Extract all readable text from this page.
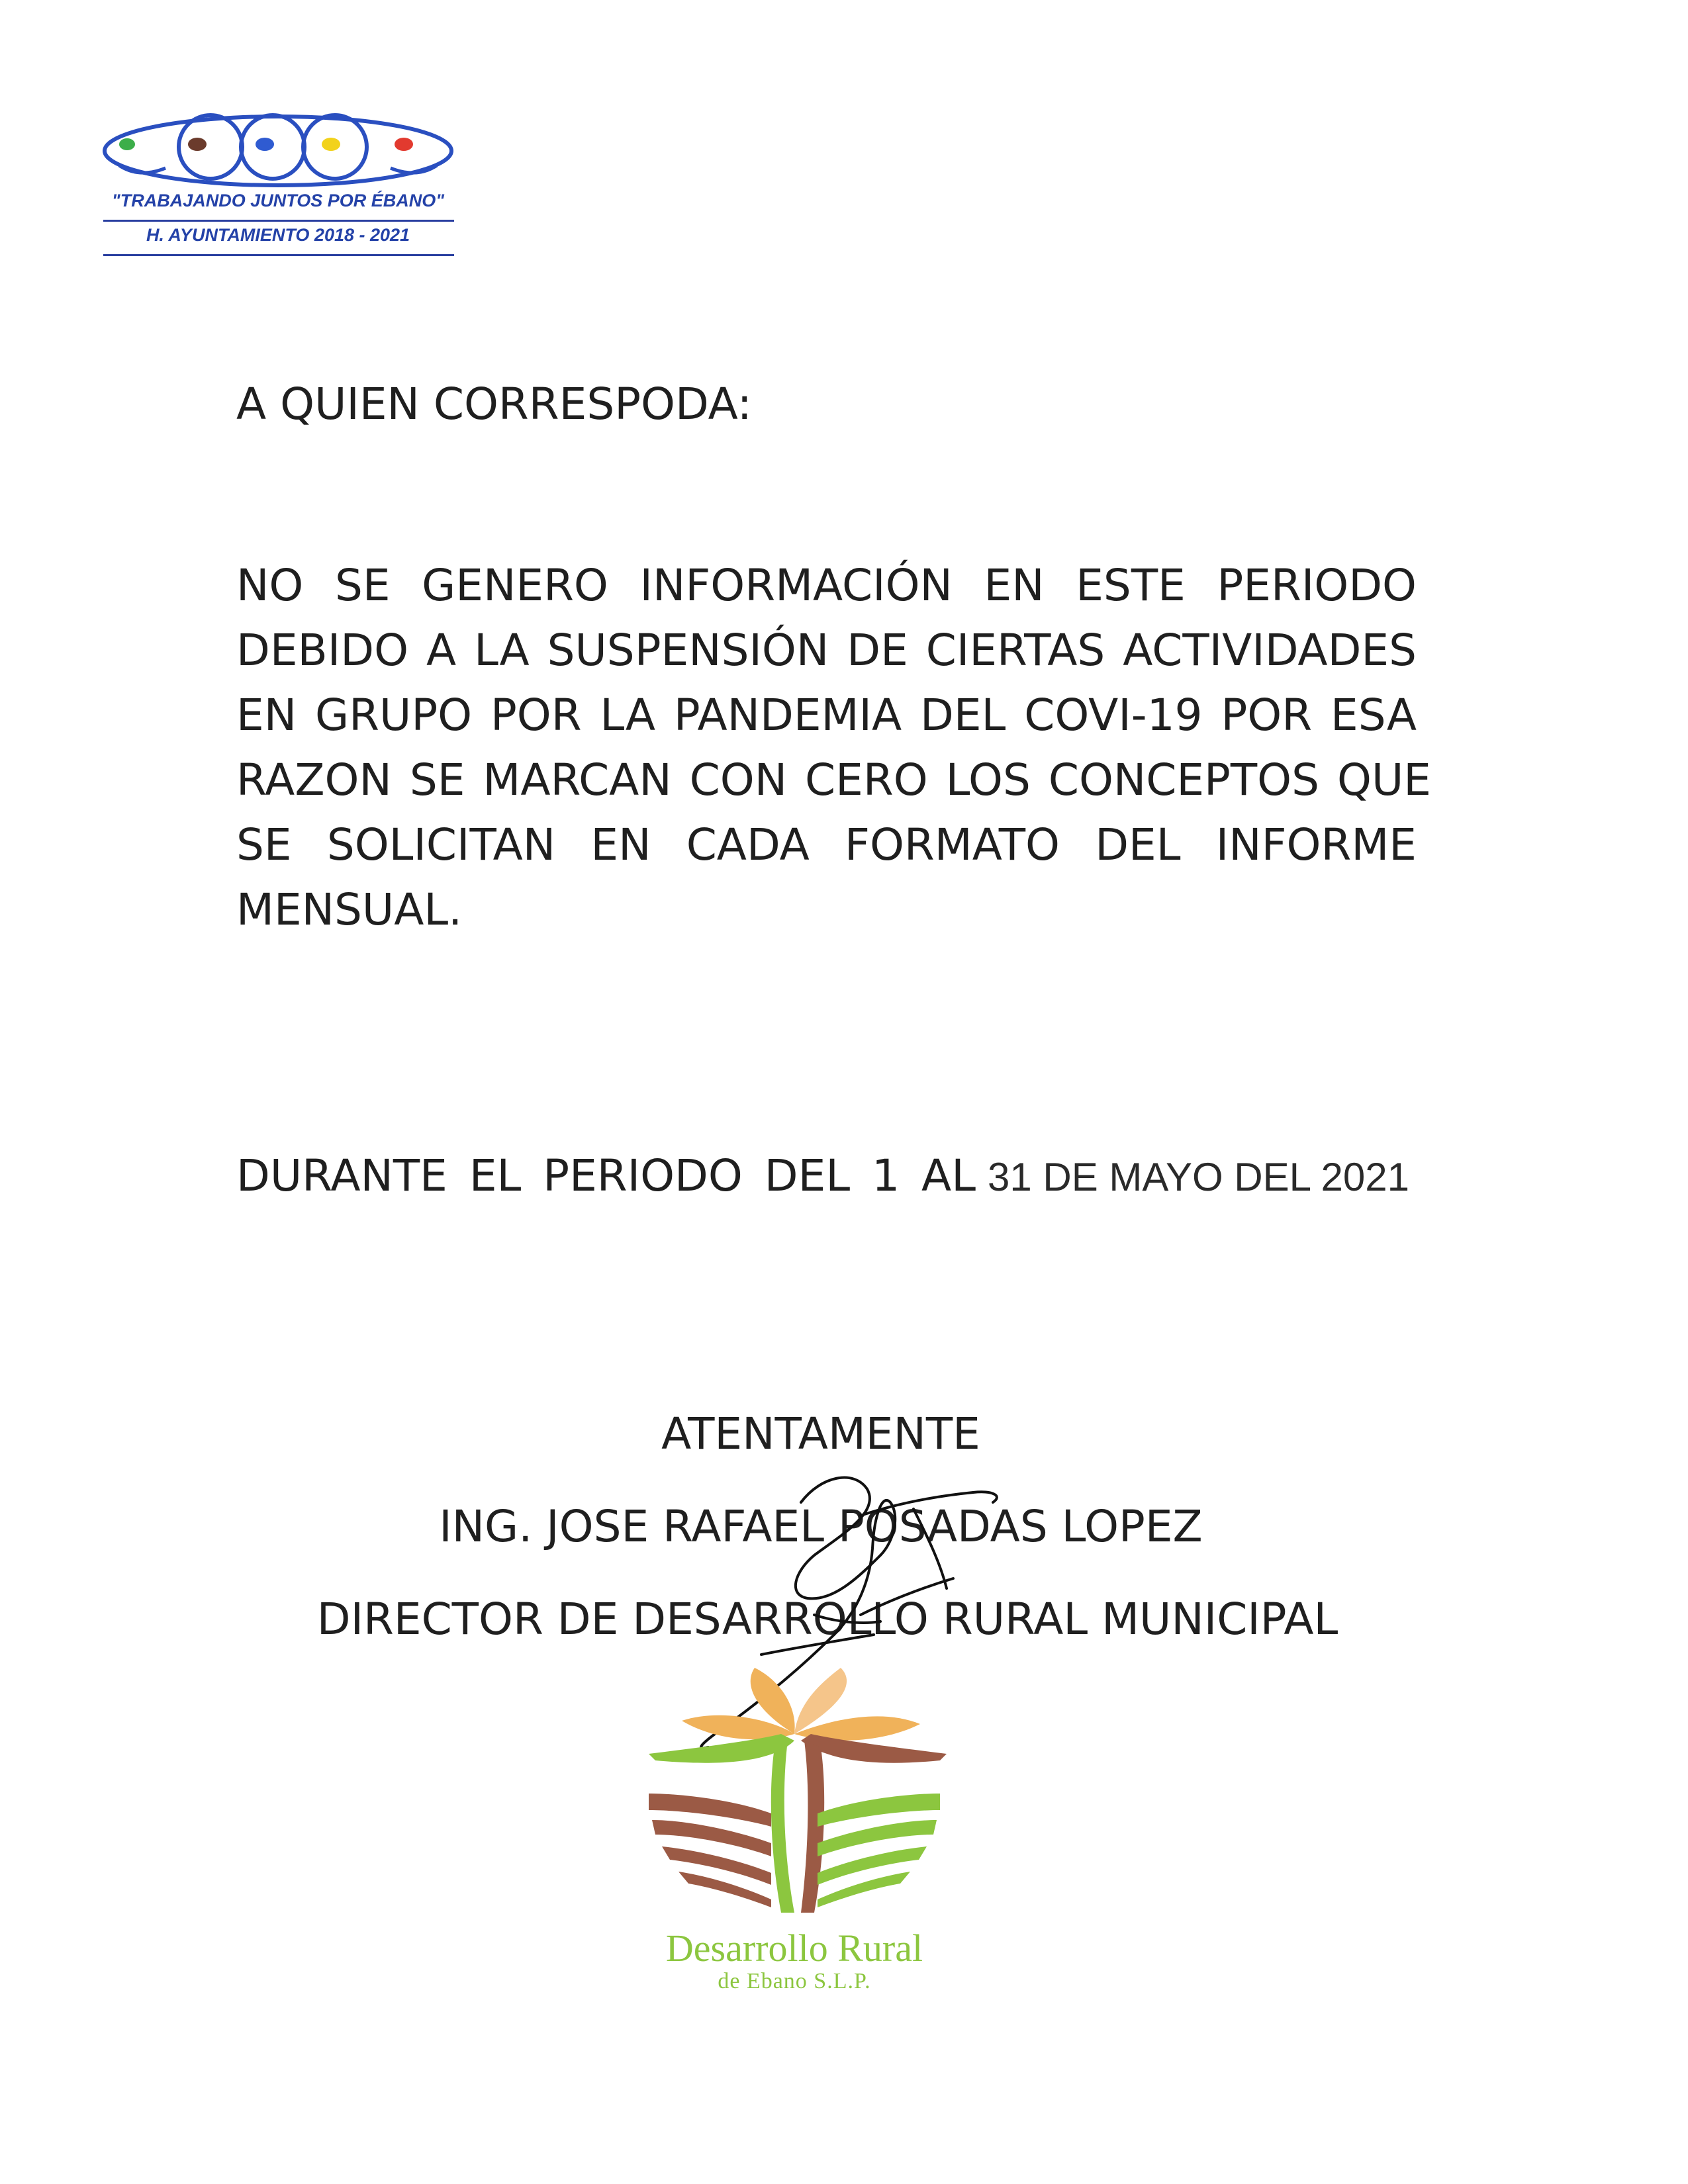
"TRABAJANDO JUNTOS POR ÉBANO"
H. AYUNTAMIENTO 2018 - 2021
A QUIEN CORRESPODA:
NO SE GENERO INFORMACIÓN EN ESTE PERIODO
DEBIDO A LA SUSPENSIÓN DE CIERTAS ACTIVIDADES
EN GRUPO POR LA PANDEMIA DEL COVI-19 POR ESA
RAZON SE MARCAN CON CERO LOS CONCEPTOS QUE
SE SOLICITAN EN CADA FORMATO DEL INFORME
MENSUAL.
DURANTE EL PERIODO DEL 1 AL 31 DE MAYO DEL 2021
ATENTAMENTE
ING. JOSE RAFAEL POSADAS LOPEZ
DIRECTOR DE DESARROLLO RURAL MUNICIPAL
Desarrollo Rural
de Ebano S.L.P.
